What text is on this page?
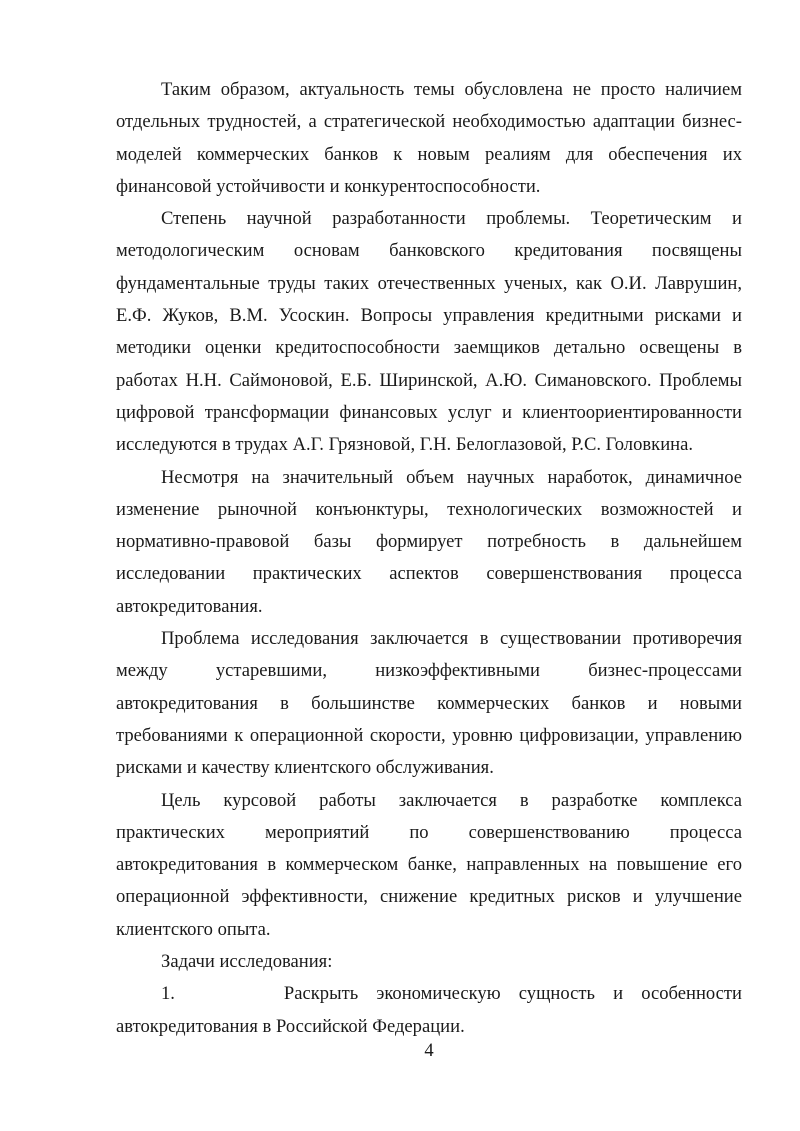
Таким образом, актуальность темы обусловлена не просто наличием отдельных трудностей, а стратегической необходимостью адаптации бизнес-моделей коммерческих банков к новым реалиям для обеспечения их финансовой устойчивости и конкурентоспособности.

Степень научной разработанности проблемы. Теоретическим и методологическим основам банковского кредитования посвящены фундаментальные труды таких отечественных ученых, как О.И. Лаврушин, Е.Ф. Жуков, В.М. Усоскин. Вопросы управления кредитными рисками и методики оценки кредитоспособности заемщиков детально освещены в работах Н.Н. Саймоновой, Е.Б. Ширинской, А.Ю. Симановского. Проблемы цифровой трансформации финансовых услуг и клиентоориентированности исследуются в трудах А.Г. Грязновой, Г.Н. Белоглазовой, Р.С. Головкина.

Несмотря на значительный объем научных наработок, динамичное изменение рыночной конъюнктуры, технологических возможностей и нормативно-правовой базы формирует потребность в дальнейшем исследовании практических аспектов совершенствования процесса автокредитования.

Проблема исследования заключается в существовании противоречия между устаревшими, низкоэффективными бизнес-процессами автокредитования в большинстве коммерческих банков и новыми требованиями к операционной скорости, уровню цифровизации, управлению рисками и качеству клиентского обслуживания.

Цель курсовой работы заключается в разработке комплекса практических мероприятий по совершенствованию процесса автокредитования в коммерческом банке, направленных на повышение его операционной эффективности, снижение кредитных рисков и улучшение клиентского опыта.

Задачи исследования:

1.      Раскрыть экономическую сущность и особенности автокредитования в Российской Федерации.

4
